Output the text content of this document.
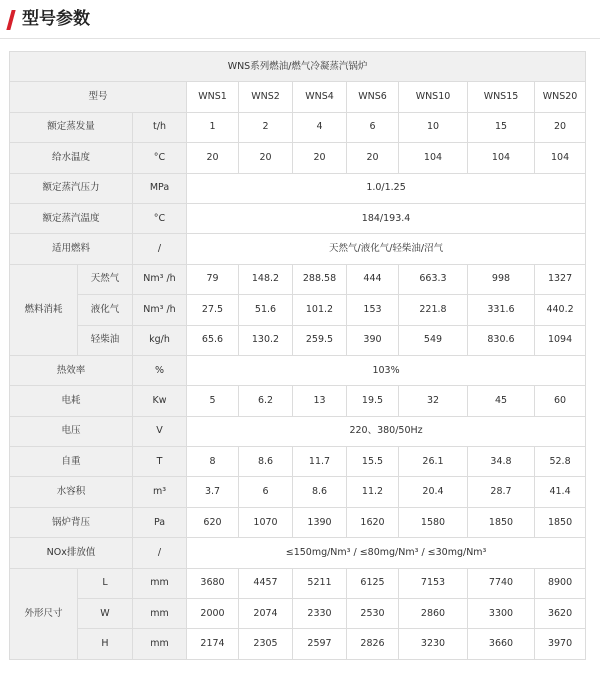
型号参数
WNS系列燃油/燃气冷凝蒸汽锅炉									
型号			WNS1	WNS2	WNS4	WNS6	WNS10	WNS15	WNS20
额定蒸发量		t/h	1	2	4	6	10	15	20
给水温度		°C	20	20	20	20	104	104	104
额定蒸汽压力		MPa	1.0/1.25						
额定蒸汽温度		°C	184/193.4						
适用燃料		/	天然气/液化气/轻柴油/沼气						
燃料消耗	天然气	Nm³ /h	79	148.2	288.58	444	663.3	998	1327
	液化气	Nm³ /h	27.5	51.6	101.2	153	221.8	331.6	440.2
	轻柴油	kg/h	65.6	130.2	259.5	390	549	830.6	1094
热效率		%	103%						
电耗		Kw	5	6.2	13	19.5	32	45	60
电压		V	220、380/50Hz						
自重		T	8	8.6	11.7	15.5	26.1	34.8	52.8
水容积		m³	3.7	6	8.6	11.2	20.4	28.7	41.4
锅炉背压		Pa	620	1070	1390	1620	1580	1850	1850
NOx排放值		/	≤150mg/Nm³ / ≤80mg/Nm³ / ≤30mg/Nm³						
外形尺寸	L	mm	3680	4457	5211	6125	7153	7740	8900
	W	mm	2000	2074	2330	2530	2860	3300	3620
	H	mm	2174	2305	2597	2826	3230	3660	3970
